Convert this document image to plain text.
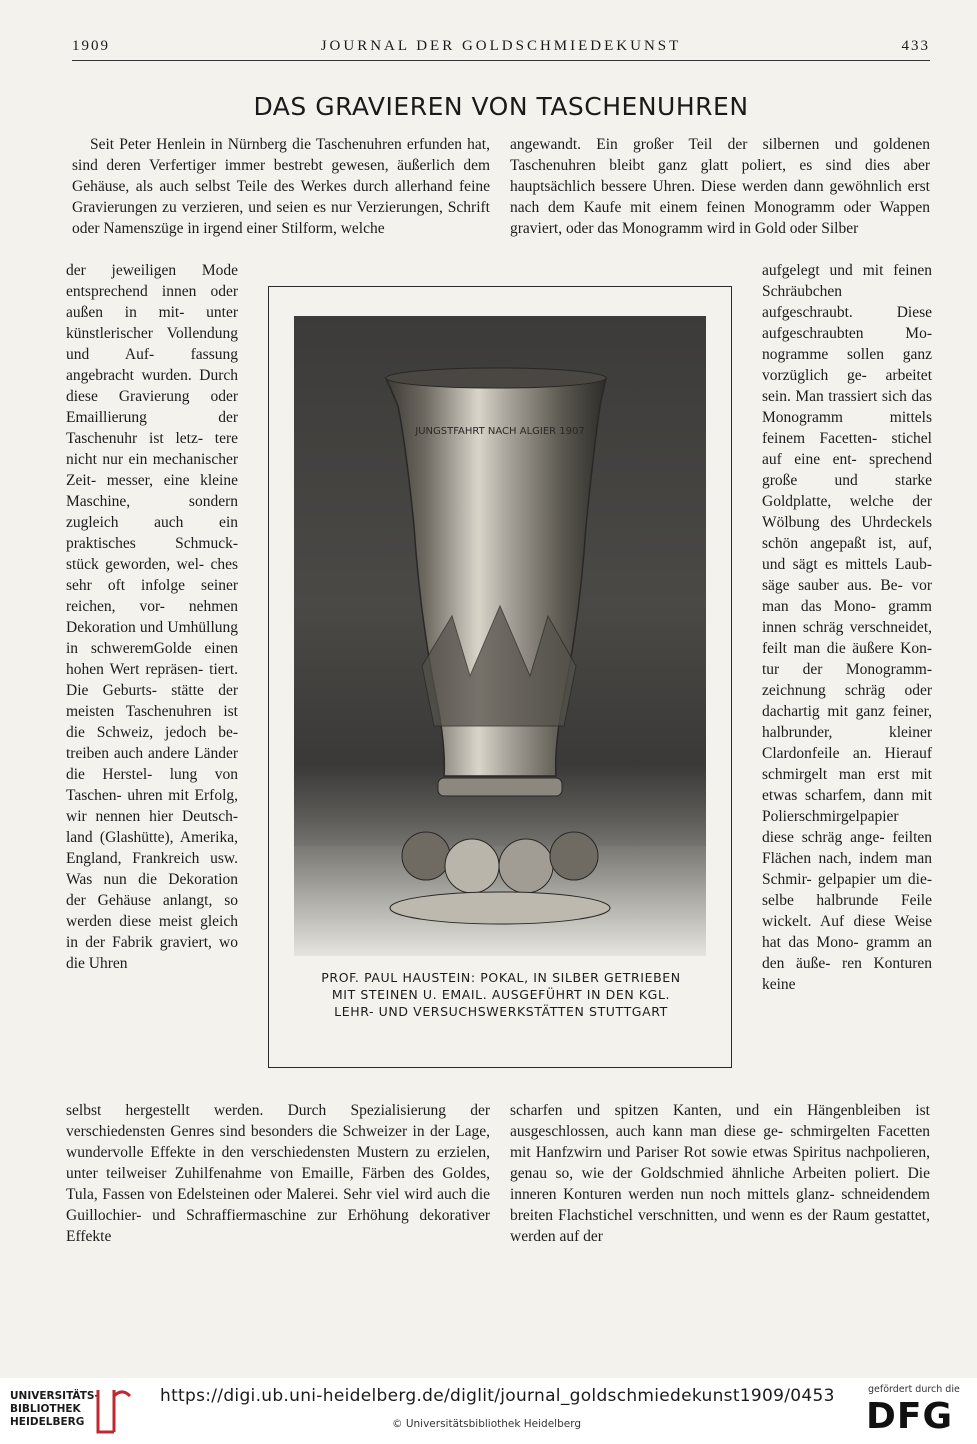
1909	JOURNAL DER GOLDSCHMIEDEKUNST	433
DAS GRAVIEREN VON TASCHENUHREN

Seit Peter Henlein in Nürnberg die Taschenuhren erfunden hat, sind deren Verfertiger immer bestrebt gewesen, äußerlich dem Gehäuse, als auch selbst Teile des Werkes durch allerhand feine Gravierungen zu verzieren, und seien es nur Verzierungen, Schrift oder Namenszüge in irgend einer Stilform, welche

angewandt. Ein großer Teil der silbernen und goldenen Taschenuhren bleibt ganz glatt poliert, es sind dies aber hauptsächlich bessere Uhren. Diese werden dann gewöhnlich erst nach dem Kaufe mit einem feinen Monogramm oder Wappen graviert, oder das Monogramm wird in Gold oder Silber

der jeweiligen Mode entsprechend innen oder außen in mit- unter künstlerischer Vollendung und Auf- fassung angebracht wurden. Durch diese Gravierung oder Emaillierung der Taschenuhr ist letz- tere nicht nur ein mechanischer Zeit- messer, eine kleine Maschine, sondern zugleich auch ein praktisches Schmuck- stück geworden, wel- ches sehr oft infolge seiner reichen, vor- nehmen Dekoration und Umhüllung in schweremGolde einen hohen Wert repräsen- tiert. Die Geburts- stätte der meisten Taschenuhren ist die Schweiz, jedoch be- treiben auch andere Länder die Herstel- lung von Taschen- uhren mit Erfolg, wir nennen hier Deutsch- land (Glashütte), Amerika, England, Frankreich usw. Was nun die Dekoration der Gehäuse anlangt, so werden diese meist gleich in der Fabrik graviert, wo die Uhren

aufgelegt und mit feinen Schräubchen aufgeschraubt. Diese aufgeschraubten Mo- nogramme sollen ganz vorzüglich ge- arbeitet sein. Man trassiert sich das Monogramm mittels feinem Facetten- stichel auf eine ent- sprechend große und starke Goldplatte, welche der Wölbung des Uhrdeckels schön angepaßt ist, auf, und sägt es mittels Laub- säge sauber aus. Be- vor man das Mono- gramm innen schräg verschneidet, feilt man die äußere Kon- tur der Monogramm- zeichnung schräg oder dachartig mit ganz feiner, halbrunder, kleiner Clardonfeile an. Hierauf schmirgelt man erst mit etwas scharfem, dann mit Polierschmirgelpapier diese schräg ange- feilten Flächen nach, indem man Schmir- gelpapier um die- selbe halbrunde Feile wickelt. Auf diese Weise hat das Mono- gramm an den äuße- ren Konturen keine

JUNGSTFAHRT NACH ALGIER 1907
PROF. PAUL HAUSTEIN: POKAL, IN SILBER GETRIEBEN
MIT STEINEN U. EMAIL. AUSGEFÜHRT IN DEN KGL.
LEHR- UND VERSUCHSWERKSTÄTTEN STUTTGART

selbst hergestellt werden. Durch Spezialisierung der verschiedensten Genres sind besonders die Schweizer in der Lage, wundervolle Effekte in den verschiedensten Mustern zu erzielen, unter teilweiser Zuhilfenahme von Emaille, Färben des Goldes, Tula, Fassen von Edelsteinen oder Malerei. Sehr viel wird auch die Guillochier- und Schraffiermaschine zur Erhöhung dekorativer Effekte

scharfen und spitzen Kanten, und ein Hängenbleiben ist ausgeschlossen, auch kann man diese ge- schmirgelten Facetten mit Hanfzwirn und Pariser Rot sowie etwas Spiritus nachpolieren, genau so, wie der Goldschmied ähnliche Arbeiten poliert. Die inneren Konturen werden nun noch mittels glanz- schneidendem breiten Flachstichel verschnitten, und wenn es der Raum gestattet, werden auf der

UNIVERSITÄTS-
BIBLIOTHEK
HEIDELBERG
https://digi.ub.uni-heidelberg.de/diglit/journal_goldschmiedekunst1909/0453
© Universitätsbibliothek Heidelberg
gefördert durch die
DFG
